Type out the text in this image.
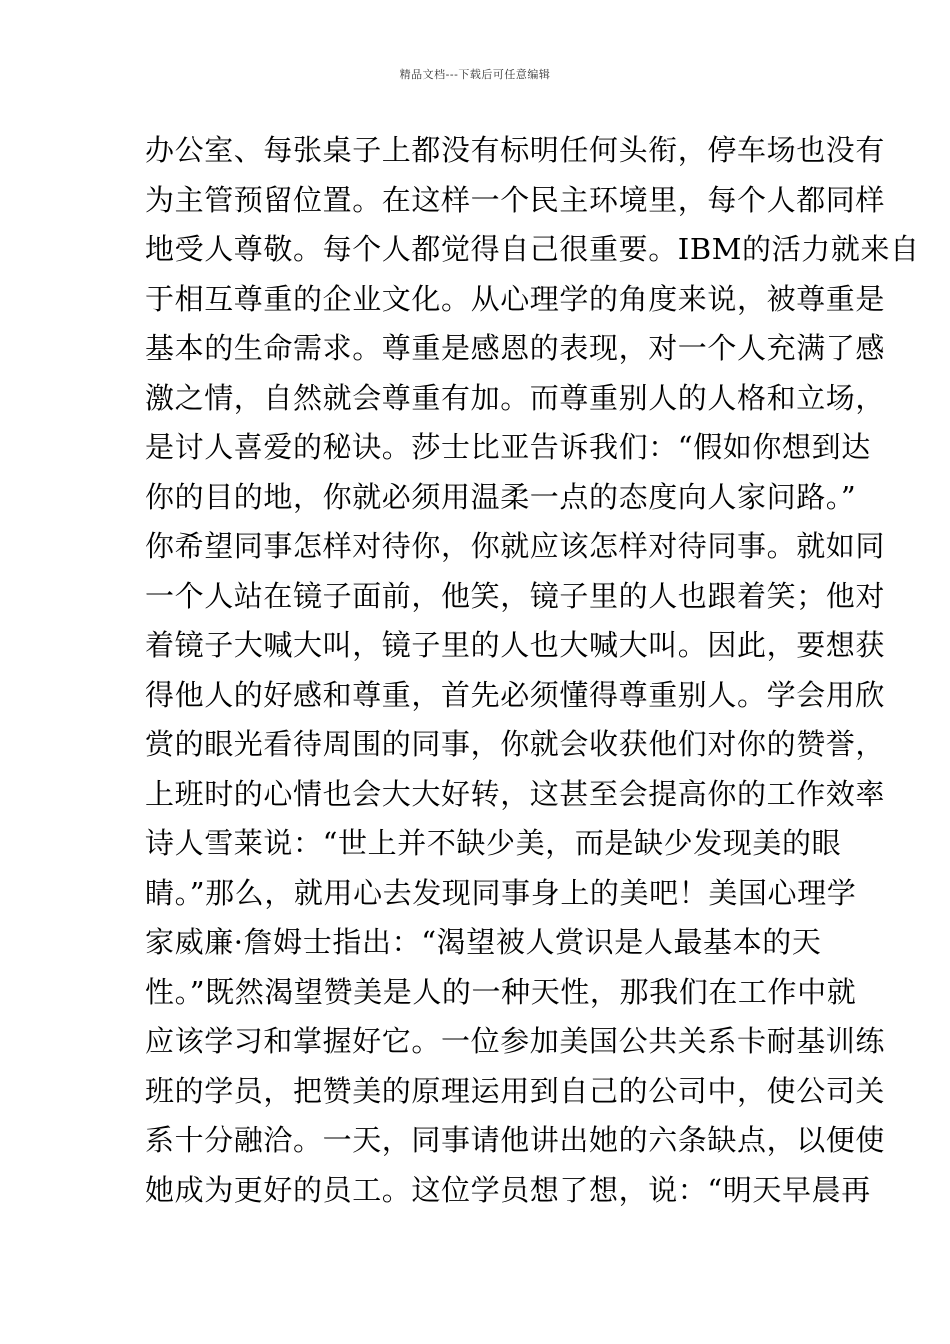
精品文档---下载后可任意编辑
办公室、每张桌子上都没有标明任何头衔，停车场也没有
为主管预留位置。在这样一个民主环境里，每个人都同样
地受人尊敬。每个人都觉得自己很重要。IBM的活力就来自
于相互尊重的企业文化。从心理学的角度来说，被尊重是
基本的生命需求。尊重是感恩的表现，对一个人充满了感
激之情，自然就会尊重有加。而尊重别人的人格和立场，
是讨人喜爱的秘诀。莎士比亚告诉我们：“假如你想到达
你的目的地，你就必须用温柔一点的态度向人家问路。”
你希望同事怎样对待你，你就应该怎样对待同事。就如同
一个人站在镜子面前，他笑，镜子里的人也跟着笑；他对
着镜子大喊大叫，镜子里的人也大喊大叫。因此，要想获
得他人的好感和尊重，首先必须懂得尊重别人。学会用欣
赏的眼光看待周围的同事，你就会收获他们对你的赞誉，
上班时的心情也会大大好转，这甚至会提高你的工作效率
诗人雪莱说：“世上并不缺少美，而是缺少发现美的眼
睛。”那么，就用心去发现同事身上的美吧！美国心理学
家威廉·詹姆士指出：“渴望被人赏识是人最基本的天
性。”既然渴望赞美是人的一种天性，那我们在工作中就
应该学习和掌握好它。一位参加美国公共关系卡耐基训练
班的学员，把赞美的原理运用到自己的公司中，使公司关
系十分融洽。一天，同事请他讲出她的六条缺点，以便使
她成为更好的员工。这位学员想了想，说：“明天早晨再
